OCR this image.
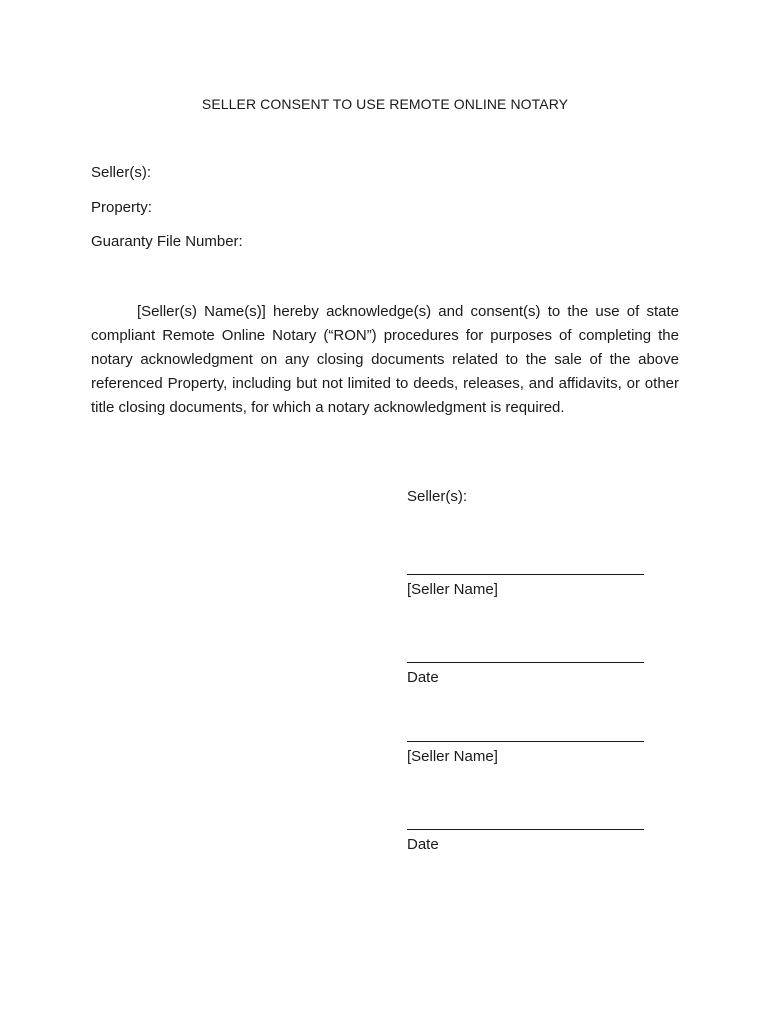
SELLER CONSENT TO USE REMOTE ONLINE NOTARY
Seller(s):
Property:
Guaranty File Number:
[Seller(s) Name(s)] hereby acknowledge(s) and consent(s) to the use of state compliant Remote Online Notary (“RON”) procedures for purposes of completing the notary acknowledgment on any closing documents related to the sale of the above referenced Property, including but not limited to deeds, releases, and affidavits, or other title closing documents, for which a notary acknowledgment is required.
Seller(s):
[Seller Name]
Date
[Seller Name]
Date
